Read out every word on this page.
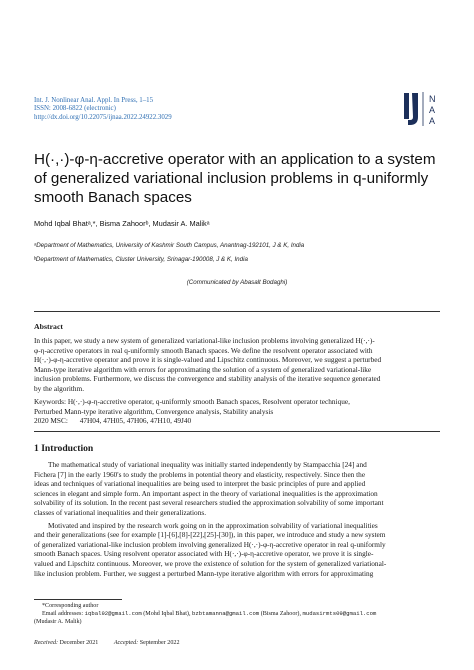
Int. J. Nonlinear Anal. Appl. In Press, 1–15
ISSN: 2008-6822 (electronic)
http://dx.doi.org/10.22075/ijnaa.2022.24922.3029
N
A
A
H(·,·)-φ-η-accretive operator with an application to a system
of generalized variational inclusion problems in q-uniformly
smooth Banach spaces
Mohd Iqbal Bhatᵃ,*, Bisma Zahoorᵇ, Mudasir A. Malikᵃ
ᵃDepartment of Mathematics, University of Kashmir South Campus, Anantnag-192101, J & K, India
ᵇDepartment of Mathematics, Cluster University, Srinagar-190008, J & K, India
(Communicated by Abasalt Bodaghi)
Abstract
In this paper, we study a new system of generalized variational-like inclusion problems involving generalized H(·,·)-
φ-η-accretive operators in real q-uniformly smooth Banach spaces. We define the resolvent operator associated with
H(·,·)-φ-η-accretive operator and prove it is single-valued and Lipschitz continuous. Moreover, we suggest a perturbed
Mann-type iterative algorithm with errors for approximating the solution of a system of generalized variational-like
inclusion problems. Furthermore, we discuss the convergence and stability analysis of the iterative sequence generated
by the algorithm.
Keywords: H(·,·)-φ-η-accretive operator, q-uniformly smooth Banach spaces, Resolvent operator technique,
Perturbed Mann-type iterative algorithm, Convergence analysis, Stability analysis
2020 MSC: 47H04, 47H05, 47H06, 47H10, 49J40
1 Introduction
The mathematical study of variational inequality was initially started independently by Stampacchia [24] and
Fichera [7] in the early 1960's to study the problems in potential theory and elasticity, respectively. Since then the
ideas and techniques of variational inequalities are being used to interpret the basic principles of pure and applied
sciences in elegant and simple form. An important aspect in the theory of variational inequalities is the approximation
solvability of its solution. In the recent past several researchers studied the approximation solvability of some important
classes of variational inequalities and their generalizations.
Motivated and inspired by the research work going on in the approximation solvability of variational inequalities
and their generalizations (see for example [1]-[6],[8]-[22],[25]-[30]), in this paper, we introduce and study a new system
of generalized variational-like inclusion problem involving generalized H(·,·)-φ-η-accretive operator in real q-uniformly
smooth Banach spaces. Using resolvent operator associated with H(·,·)-φ-η-accretive operator, we prove it is single-
valued and Lipschitz continuous. Moreover, we prove the existence of solution for the system of generalized variational-
like inclusion problem. Further, we suggest a perturbed Mann-type iterative algorithm with errors for approximating
*Corresponding author
Email addresses: iqbal92@gmail.com (Mohd Iqbal Bhat), bzbtamanna@gmail.com (Bisma Zahoor), mudasirmts09@gmail.com
(Mudasir A. Malik)
Received: December 2021	Accepted: September 2022
